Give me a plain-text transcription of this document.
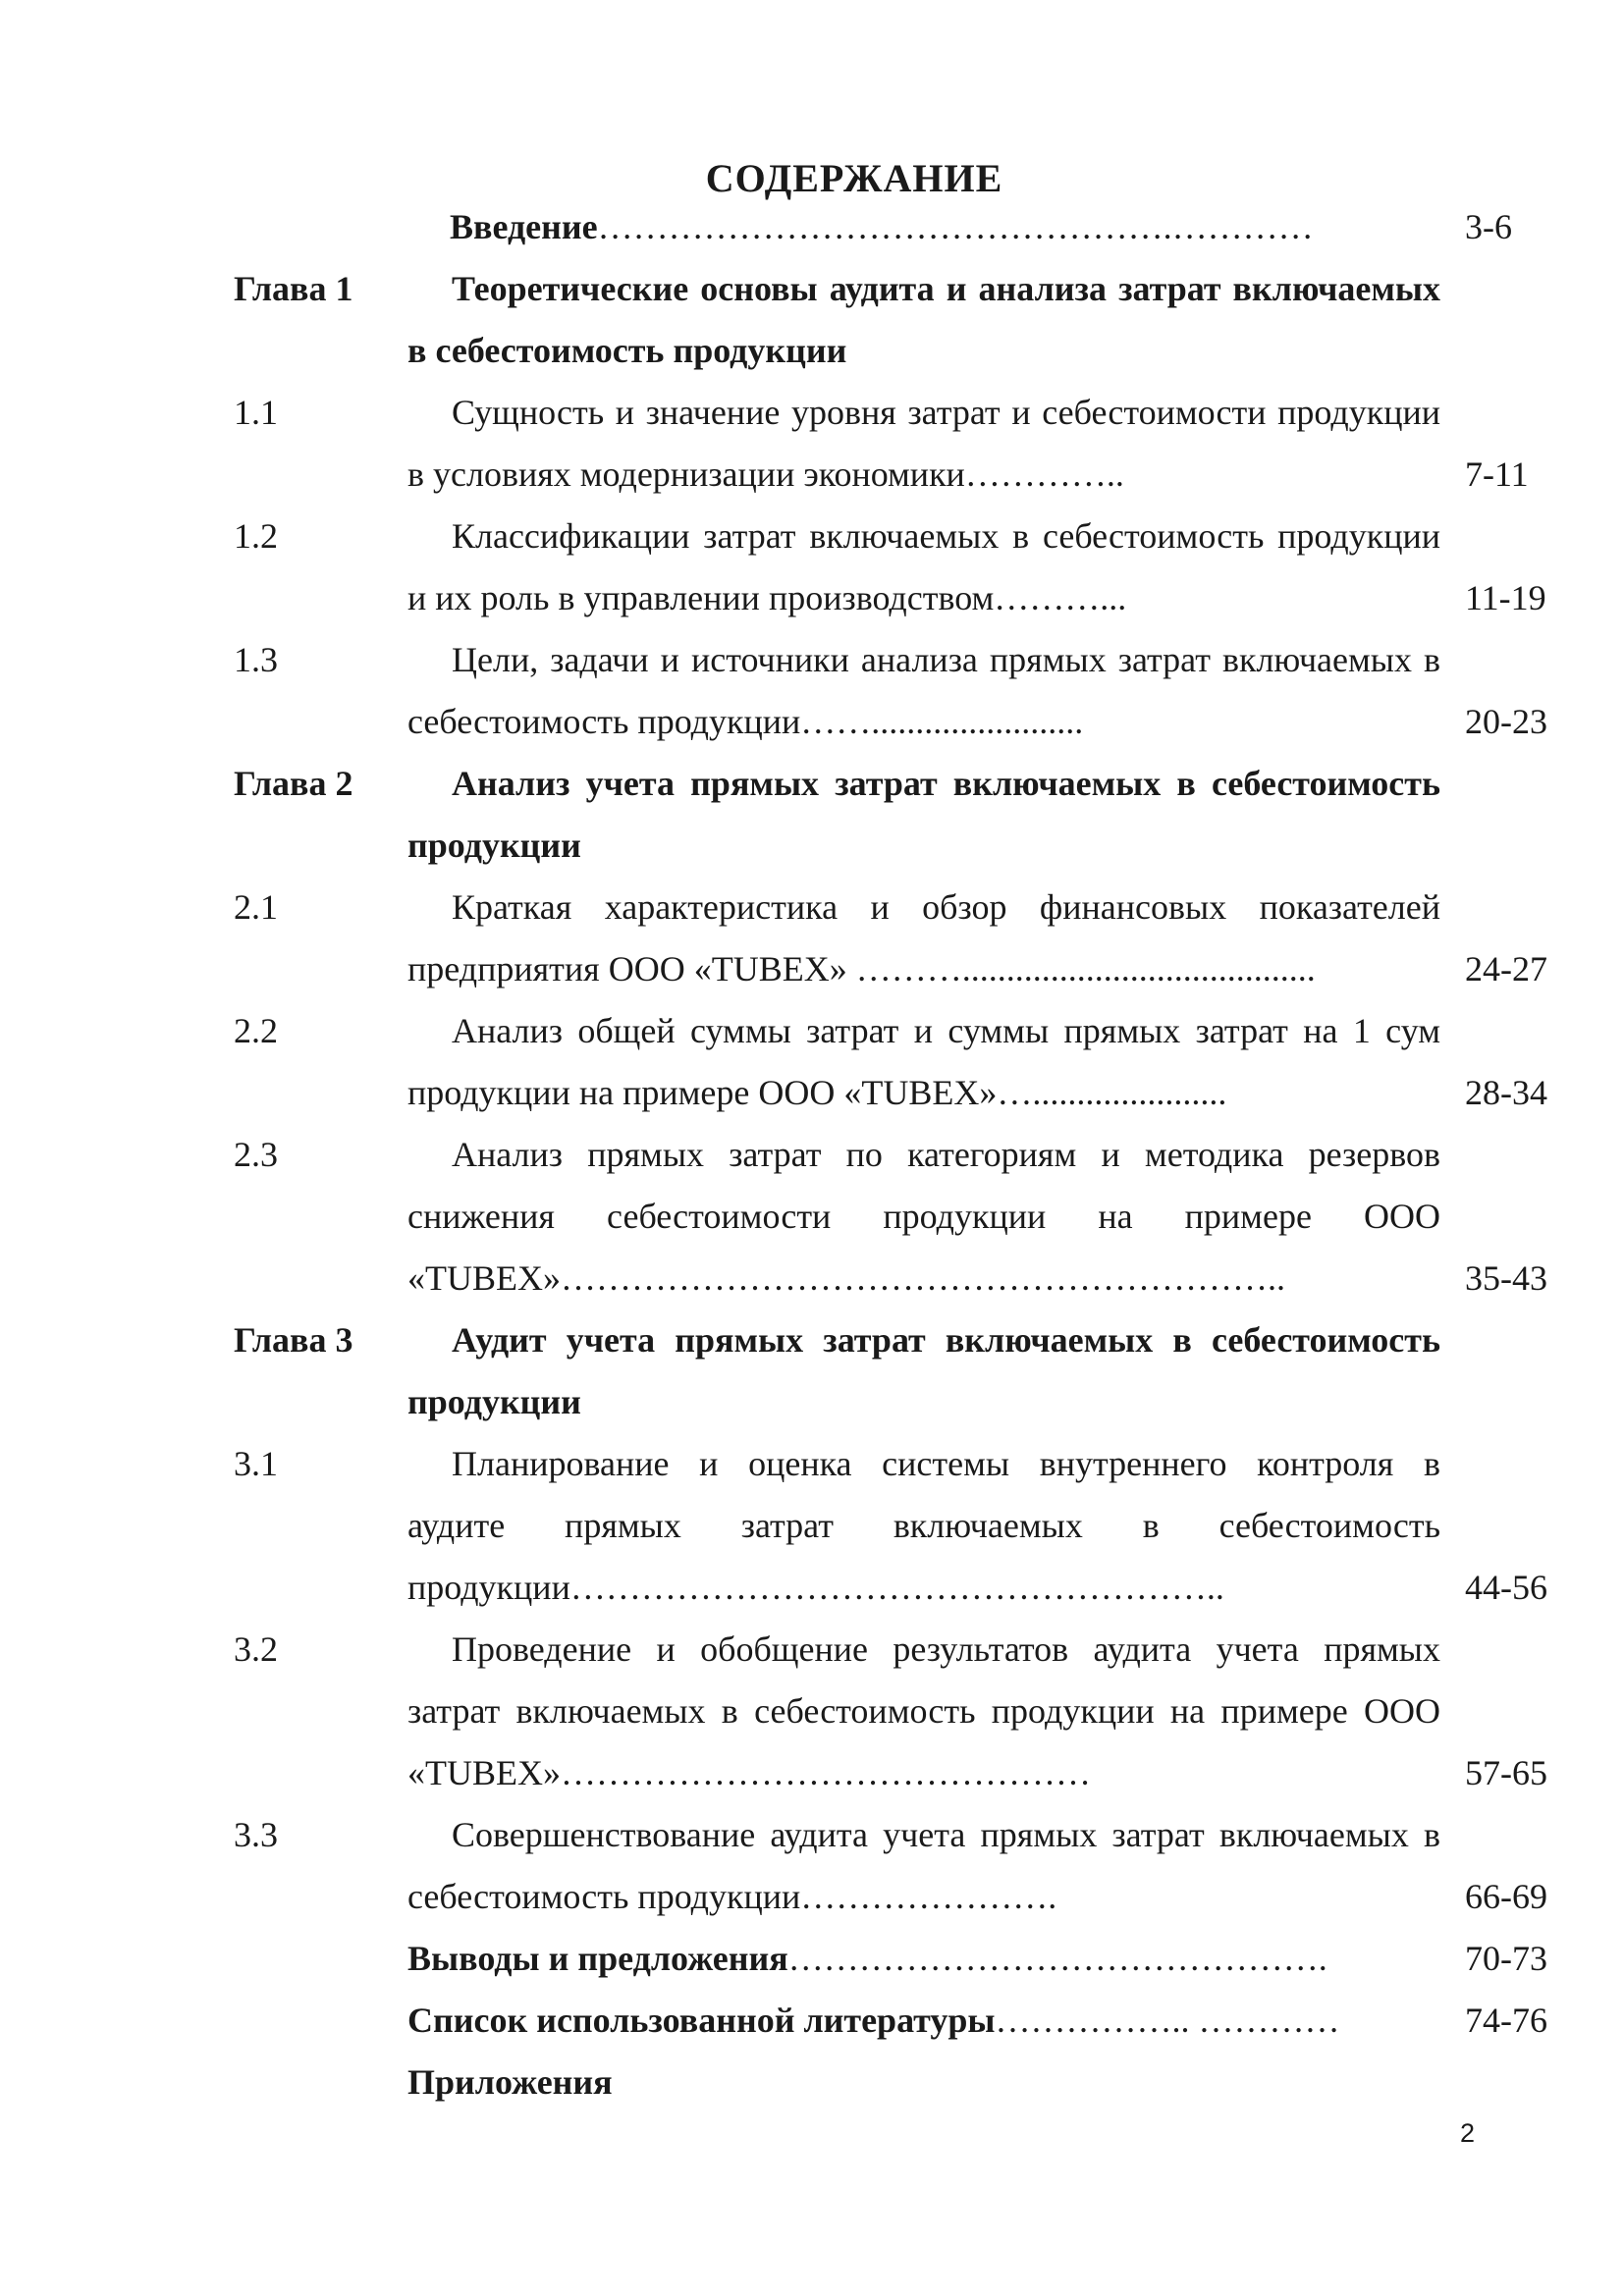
СОДЕРЖАНИЕ

Введение………………………………………….…………	3-6
Глава 1	Теоретические основы аудита и анализа затрат включаемых

в себестоимость продукции

1.1	Сущность и значение уровня затрат и себестоимости продукции

в условиях модернизации экономики…………..	7-11
1.2	Классификации затрат включаемых в себестоимость продукции

и их роль в управлении производством………...	11-19
1.3	Цели, задачи и источники анализа прямых затрат включаемых в

себестоимость продукции……........................	20-23
Глава 2	Анализ учета прямых затрат включаемых в себестоимость

продукции

2.1	Краткая характеристика и обзор финансовых показателей

предприятия ООО «TUBEX» ………........................................	24-27
2.2	Анализ общей суммы затрат и суммы прямых затрат на 1 сум

продукции на примере ООО «TUBEX»…......................	28-34
2.3	Анализ прямых затрат по категориям и методика резервов

снижения себестоимости продукции на примере ООО

«TUBEX»……………………………………………………..	35-43
Глава 3	Аудит учета прямых затрат включаемых в себестоимость

продукции

3.1	Планирование и оценка системы внутреннего контроля в

аудите прямых затрат включаемых в себестоимость

продукции………………………………………………..	44-56
3.2	Проведение и обобщение результатов аудита учета прямых

затрат включаемых в себестоимость продукции на примере ООО

«TUBEX»………………………………………	57-65
3.3	Совершенствование аудита учета прямых затрат включаемых в

себестоимость продукции………………….	66-69

Выводы и предложения……………………………………….	70-73

Список использованной литературы…………….. …………	74-76

Приложения

2
